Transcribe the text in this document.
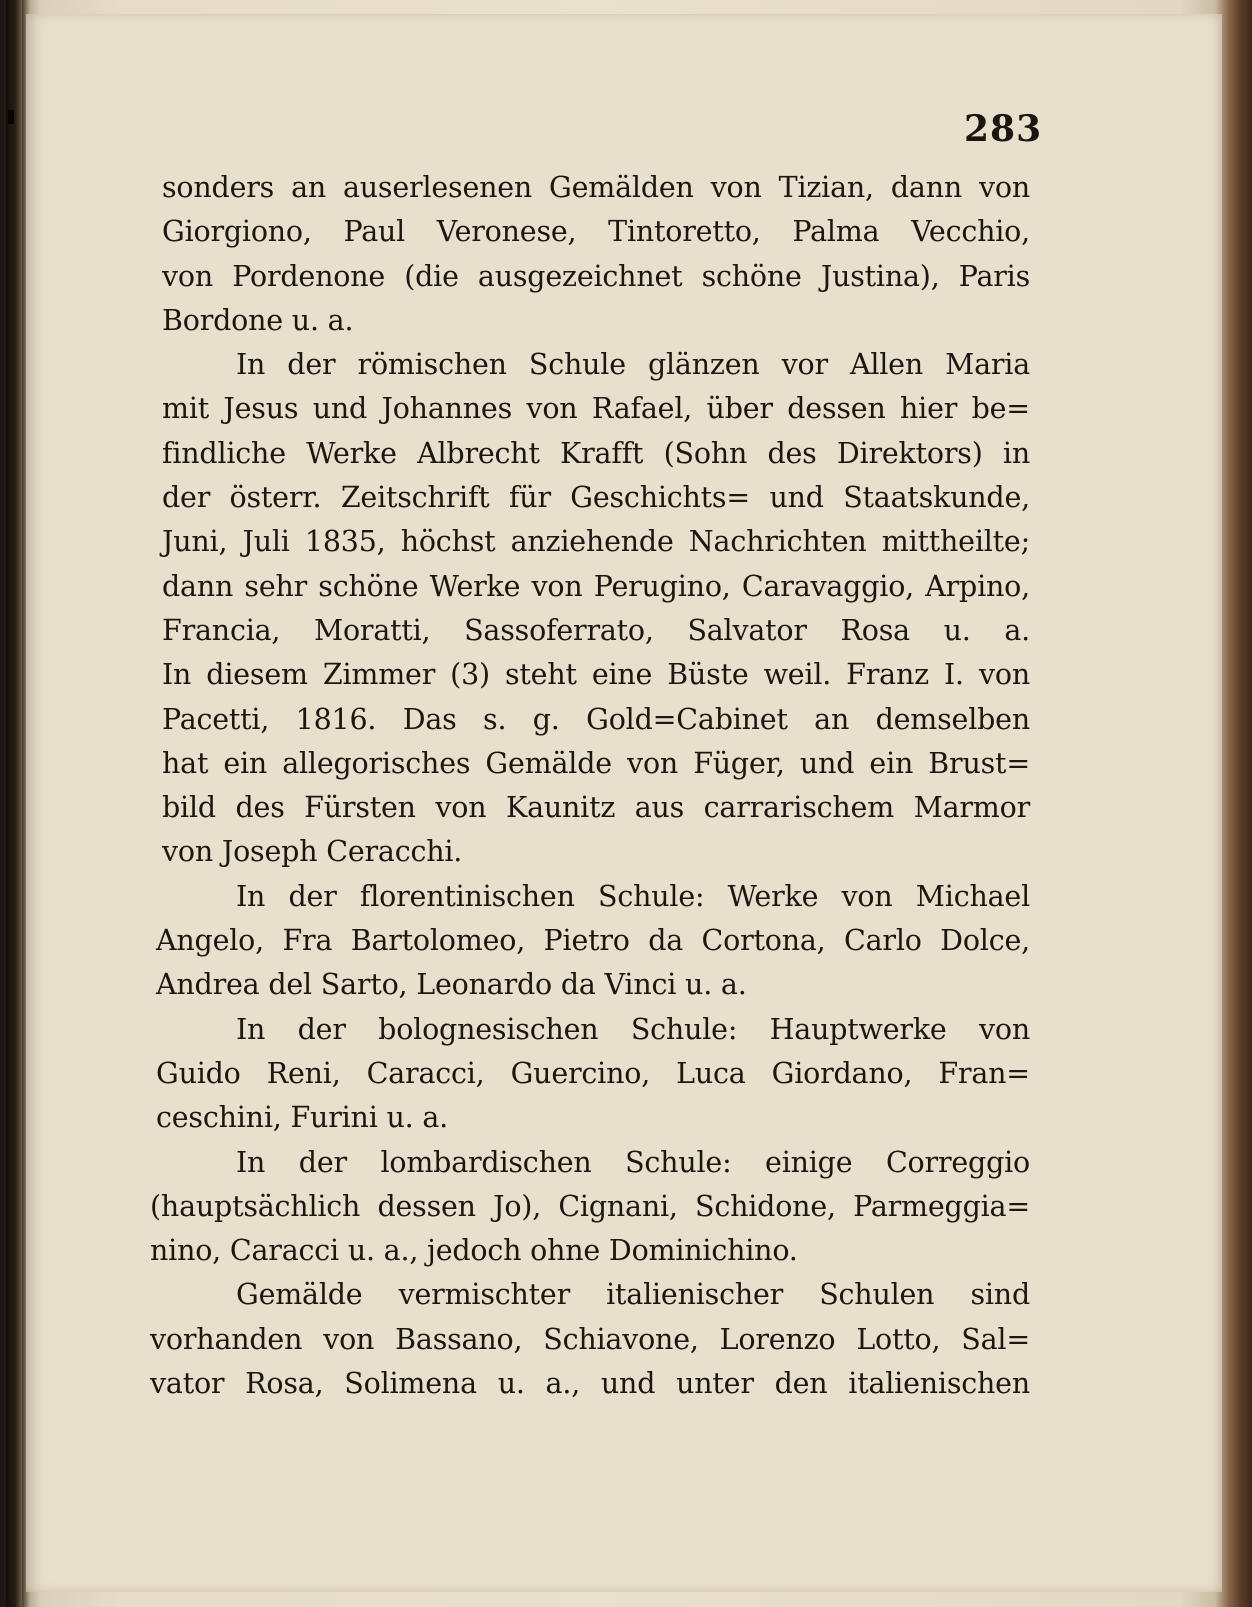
283
sonders an auserlesenen Gemälden von Tizian, dann von
Giorgiono, Paul Veronese, Tintoretto, Palma Vecchio,
von Pordenone (die ausgezeichnet schöne Justina), Paris
Bordone u. a.
In der römischen Schule glänzen vor Allen Maria
mit Jesus und Johannes von Rafael, über dessen hier be=
findliche Werke Albrecht Krafft (Sohn des Direktors) in
der österr. Zeitschrift für Geschichts= und Staatskunde,
Juni, Juli 1835, höchst anziehende Nachrichten mittheilte;
dann sehr schöne Werke von Perugino, Caravaggio, Arpino,
Francia, Moratti, Sassoferrato, Salvator Rosa u. a.
In diesem Zimmer (3) steht eine Büste weil. Franz I. von
Pacetti, 1816. Das s. g. Gold=Cabinet an demselben
hat ein allegorisches Gemälde von Füger, und ein Brust=
bild des Fürsten von Kaunitz aus carrarischem Marmor
von Joseph Ceracchi.
In der florentinischen Schule: Werke von Michael
Angelo, Fra Bartolomeo, Pietro da Cortona, Carlo Dolce,
Andrea del Sarto, Leonardo da Vinci u. a.
In der bolognesischen Schule: Hauptwerke von
Guido Reni, Caracci, Guercino, Luca Giordano, Fran=
ceschini, Furini u. a.
In der lombardischen Schule: einige Correggio
(hauptsächlich dessen Jo), Cignani, Schidone, Parmeggia=
nino, Caracci u. a., jedoch ohne Dominichino.
Gemälde vermischter italienischer Schulen sind
vorhanden von Bassano, Schiavone, Lorenzo Lotto, Sal=
vator Rosa, Solimena u. a., und unter den italienischen
